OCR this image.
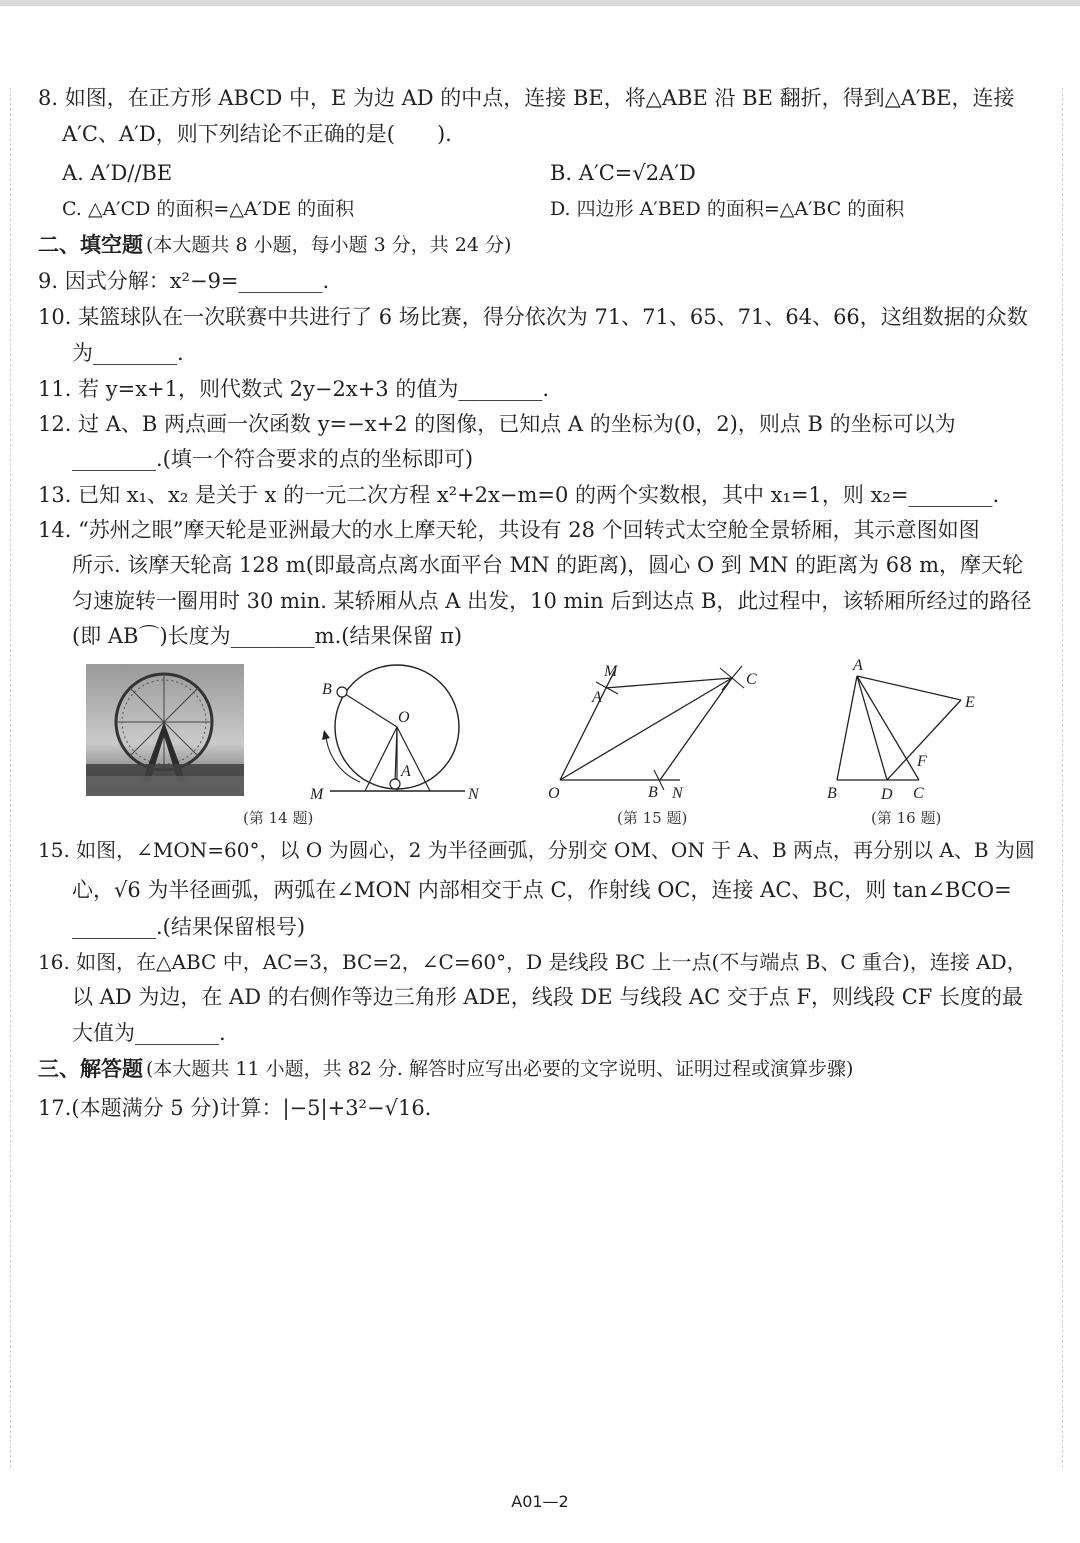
8. 如图，在正方形 ABCD 中，E 为边 AD 的中点，连接 BE，将△ABE 沿 BE 翻折，得到△A′BE，连接
A′C、A′D，则下列结论不正确的是(　　).
A. A′D//BE	B. A′C=√2A′D
C. △A′CD 的面积=△A′DE 的面积	D. 四边形 A′BED 的面积=△A′BC 的面积
二、填空题 (本大题共 8 小题，每小题 3 分，共 24 分)
9. 因式分解：x²−9=________.
10. 某篮球队在一次联赛中共进行了 6 场比赛，得分依次为 71、71、65、71、64、66，这组数据的众数
为________.
11. 若 y=x+1，则代数式 2y−2x+3 的值为________.
12. 过 A、B 两点画一次函数 y=−x+2 的图像，已知点 A 的坐标为(0，2)，则点 B 的坐标可以为
________.(填一个符合要求的点的坐标即可)
13. 已知 x₁、x₂ 是关于 x 的一元二次方程 x²+2x−m=0 的两个实数根，其中 x₁=1，则 x₂=________.
14. “苏州之眼”摩天轮是亚洲最大的水上摩天轮，共设有 28 个回转式太空舱全景轿厢，其示意图如图
所示. 该摩天轮高 128 m(即最高点离水面平台 MN 的距离)，圆心 O 到 MN 的距离为 68 m，摩天轮
匀速旋转一圈用时 30 min. 某轿厢从点 A 出发，10 min 后到达点 B，此过程中，该轿厢所经过的路径
(即 AB⌒)长度为________m.(结果保留 π)
B
O
A
M	N
M
A
C
O	B N
A
E
F
B	D C
(第 14 题)	(第 15 题)	(第 16 题)
15. 如图，∠MON=60°，以 O 为圆心，2 为半径画弧，分别交 OM、ON 于 A、B 两点，再分别以 A、B 为圆
心，√6 为半径画弧，两弧在∠MON 内部相交于点 C，作射线 OC，连接 AC、BC，则 tan∠BCO=
________.(结果保留根号)
16. 如图，在△ABC 中，AC=3，BC=2，∠C=60°，D 是线段 BC 上一点(不与端点 B、C 重合)，连接 AD，
以 AD 为边，在 AD 的右侧作等边三角形 ADE，线段 DE 与线段 AC 交于点 F，则线段 CF 长度的最
大值为________.
三、解答题 (本大题共 11 小题，共 82 分. 解答时应写出必要的文字说明、证明过程或演算步骤)
17.(本题满分 5 分)计算：|−5|+3²−√16.
A01—2
